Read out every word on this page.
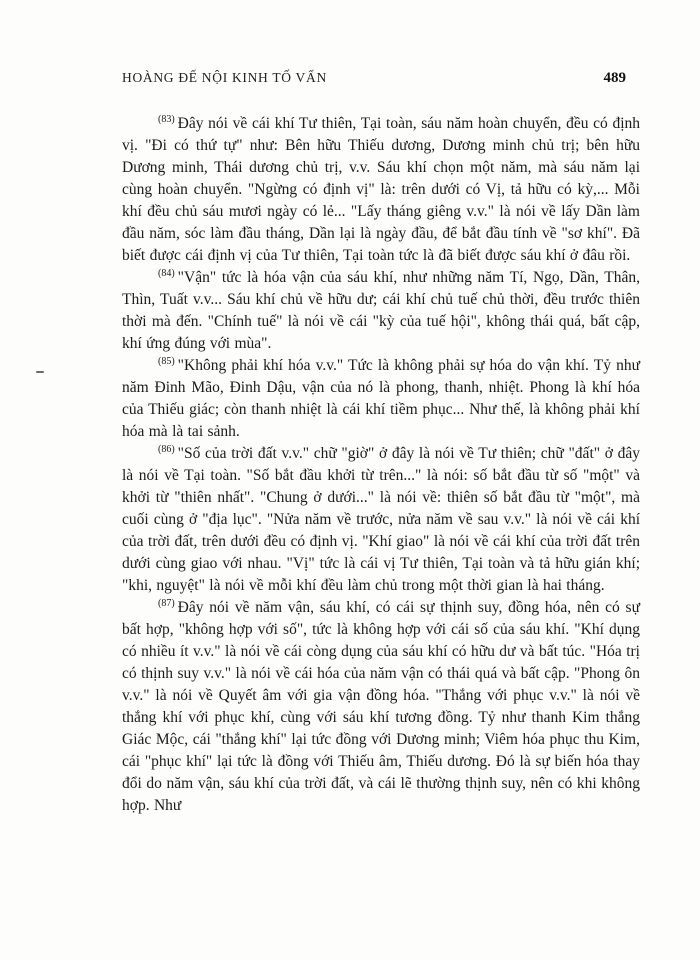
HOÀNG ĐẾ NỘI KINH TỐ VẤN	489

$^{(83)}$ Đây nói về cái khí Tư thiên, Tại toàn, sáu năm hoàn chuyển, đều có định vị. "Đi có thứ tự" như: Bên hữu Thiếu dương, Dương minh chủ trị; bên hữu Dương minh, Thái dương chủ trị, v.v. Sáu khí chọn một năm, mà sáu năm lại cùng hoàn chuyển. "Ngừng có định vị" là: trên dưới có Vị, tả hữu có kỳ,... Mỗi khí đều chủ sáu mươi ngày có lẻ... "Lấy tháng giêng v.v." là nói về lấy Dần làm đầu năm, sóc làm đầu tháng, Dần lại là ngày đầu, để bắt đầu tính về "sơ khí". Đã biết được cái định vị của Tư thiên, Tại toàn tức là đã biết được sáu khí ở đâu rồi.

$^{(84)}$ "Vận" tức là hóa vận của sáu khí, như những năm Tí, Ngọ, Dần, Thân, Thìn, Tuất v.v... Sáu khí chủ về hữu dư; cái khí chủ tuế chủ thời, đều trước thiên thời mà đến. "Chính tuế" là nói về cái "kỳ của tuế hội", không thái quá, bất cập, khí ứng đúng với mùa".

$^{(85)}$ "Không phải khí hóa v.v." Tức là không phải sự hóa do vận khí. Tỷ như năm Đinh Mão, Đinh Dậu, vận của nó là phong, thanh, nhiệt. Phong là khí hóa của Thiếu giác; còn thanh nhiệt là cái khí tiềm phục... Như thế, là không phải khí hóa mà là tai sảnh.

$^{(86)}$ "Số của trời đất v.v." chữ "giờ" ở đây là nói về Tư thiên; chữ "đất" ở đây là nói về Tại toàn. "Số bắt đầu khởi từ trên..." là nói: số bắt đầu từ số "một" và khởi từ "thiên nhất". "Chung ở dưới..." là nói về: thiên số bắt đầu từ "một", mà cuối cùng ở "địa lục". "Nửa năm về trước, nửa năm về sau v.v." là nói về cái khí của trời đất, trên dưới đều có định vị. "Khí giao" là nói về cái khí của trời đất trên dưới cùng giao với nhau. "Vị" tức là cái vị Tư thiên, Tại toàn và tả hữu gián khí; "khi, nguyệt" là nói về mỗi khí đều làm chủ trong một thời gian là hai tháng.

$^{(87)}$ Đây nói về năm vận, sáu khí, có cái sự thịnh suy, đồng hóa, nên có sự bất hợp, "không hợp với số", tức là không hợp với cái số của sáu khí. "Khí dụng có nhiều ít v.v." là nói về cái còng dụng của sáu khí có hữu dư và bất túc. "Hóa trị có thịnh suy v.v." là nói về cái hóa của năm vận có thái quá và bất cập. "Phong ôn v.v." là nói về Quyết âm với gia vận đồng hóa. "Thắng với phục v.v." là nói về thắng khí với phục khí, cùng với sáu khí tương đồng. Tỷ như thanh Kim thắng Giác Mộc, cái "thắng khí" lại tức đồng với Dương minh; Viêm hóa phục thu Kim, cái "phục khí" lại tức là đồng với Thiếu âm, Thiếu dương. Đó là sự biến hóa thay đổi do năm vận, sáu khí của trời đất, và cái lẽ thường thịnh suy, nên có khi không hợp. Như
